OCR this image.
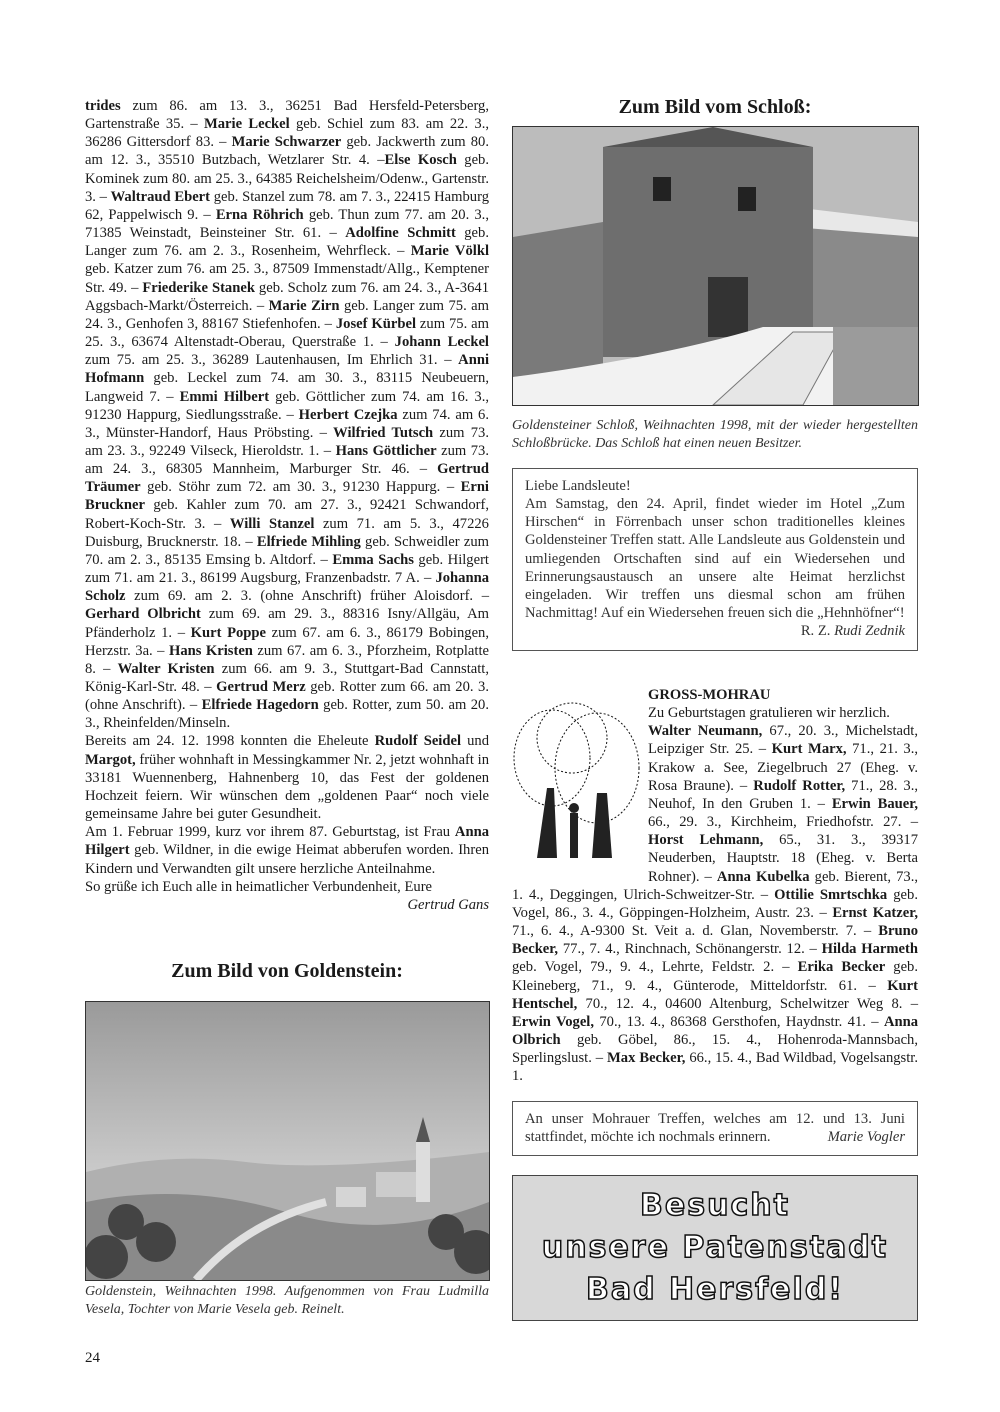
trides zum 86. am 13. 3., 36251 Bad Hersfeld-Petersberg, Gartenstraße 35. – Marie Leckel geb. Schiel zum 83. am 22. 3., 36286 Gittersdorf 83. – Marie Schwarzer geb. Jackwerth zum 80. am 12. 3., 35510 Butzbach, Wetzlarer Str. 4. –Else Kosch geb. Kominek zum 80. am 25. 3., 64385 Reichelsheim/Odenw., Gartenstr. 3. – Waltraud Ebert geb. Stanzel zum 78. am 7. 3., 22415 Hamburg 62, Pappelwisch 9. – Erna Röhrich geb. Thun zum 77. am 20. 3., 71385 Weinstadt, Beinsteiner Str. 61. – Adolfine Schmitt geb. Langer zum 76. am 2. 3., Rosenheim, Wehrfleck. – Marie Völkl geb. Katzer zum 76. am 25. 3., 87509 Immenstadt/Allg., Kemptener Str. 49. – Friederike Stanek geb. Scholz zum 76. am 24. 3., A-3641 Aggsbach-Markt/Österreich. – Marie Zirn geb. Langer zum 75. am 24. 3., Genhofen 3, 88167 Stiefenhofen. – Josef Kürbel zum 75. am 25. 3., 63674 Altenstadt-Oberau, Querstraße 1. – Johann Leckel zum 75. am 25. 3., 36289 Lautenhausen, Im Ehrlich 31. – Anni Hofmann geb. Leckel zum 74. am 30. 3., 83115 Neubeuern, Langweid 7. – Emmi Hilbert geb. Göttlicher zum 74. am 16. 3., 91230 Happurg, Siedlungsstraße. – Herbert Czejka zum 74. am 6. 3., Münster-Handorf, Haus Pröbsting. – Wilfried Tutsch zum 73. am 23. 3., 92249 Vilseck, Hieroldstr. 1. – Hans Göttlicher zum 73. am 24. 3., 68305 Mannheim, Marburger Str. 46. – Gertrud Träumer geb. Stöhr zum 72. am 30. 3., 91230 Happurg. – Erni Bruckner geb. Kahler zum 70. am 27. 3., 92421 Schwandorf, Robert-Koch-Str. 3. – Willi Stanzel zum 71. am 5. 3., 47226 Duisburg, Brucknerstr. 18. – Elfriede Mihling geb. Schweidler zum 70. am 2. 3., 85135 Emsing b. Altdorf. – Emma Sachs geb. Hilgert zum 71. am 21. 3., 86199 Augsburg, Franzenbadstr. 7 A. – Johanna Scholz zum 69. am 2. 3. (ohne Anschrift) früher Aloisdorf. – Gerhard Olbricht zum 69. am 29. 3., 88316 Isny/Allgäu, Am Pfänderholz 1. – Kurt Poppe zum 67. am 6. 3., 86179 Bobingen, Herzstr. 3a. – Hans Kristen zum 67. am 6. 3., Pforzheim, Rotplatte 8. – Walter Kristen zum 66. am 9. 3., Stuttgart-Bad Cannstatt, König-Karl-Str. 48. – Gertrud Merz geb. Rotter zum 66. am 20. 3. (ohne Anschrift). – Elfriede Hagedorn geb. Rotter, zum 50. am 20. 3., Rheinfelden/Minseln.

Bereits am 24. 12. 1998 konnten die Eheleute Rudolf Seidel und Margot, früher wohnhaft in Messingkammer Nr. 2, jetzt wohnhaft in 33181 Wuennenberg, Hahnenberg 10, das Fest der goldenen Hochzeit feiern. Wir wünschen dem „goldenen Paar“ noch viele gemeinsame Jahre bei guter Gesundheit.

Am 1. Februar 1999, kurz vor ihrem 87. Geburtstag, ist Frau Anna Hilgert geb. Wildner, in die ewige Heimat abberufen worden. Ihren Kindern und Verwandten gilt unsere herzliche Anteilnahme.

So grüße ich Euch alle in heimatlicher Verbundenheit, Eure

Gertrud Gans

Zum Bild von Goldenstein:
Goldenstein, Weihnachten 1998. Aufgenommen von Frau Ludmilla Vesela, Tochter von Marie Vesela geb. Reinelt.
24
Zum Bild vom Schloß:
Goldensteiner Schloß, Weihnachten 1998, mit der wieder hergestellten Schloßbrücke. Das Schloß hat einen neuen Besitzer.
Liebe Landsleute!
Am Samstag, den 24. April, findet wieder im Hotel „Zum Hirschen“ in Förrenbach unser schon traditionelles kleines Goldensteiner Treffen statt. Alle Landsleute aus Goldenstein und umliegenden Ortschaften sind auf ein Wiedersehen und Erinnerungsaustausch an unsere alte Heimat herzlichst eingeladen. Wir treffen uns diesmal schon am frühen Nachmittag! Auf ein Wiedersehen freuen sich die „Hehnhöfner“!
R. Z. Rudi Zednik
GROSS-MOHRAU

Zu Geburtstagen gratulieren wir herzlich.

Walter Neumann, 67., 20. 3., Michelstadt, Leipziger Str. 25. – Kurt Marx, 71., 21. 3., Krakow a. See, Ziegelbruch 27 (Eheg. v. Rosa Braune). – Rudolf Rotter, 71., 28. 3., Neuhof, In den Gruben 1. – Erwin Bauer, 66., 29. 3., Kirchheim, Friedhofstr. 27. – Horst Lehmann, 65., 31. 3., 39317 Neuderben, Hauptstr. 18 (Eheg. v. Berta Rohner). – Anna Kubelka geb. Bierent, 73., 1. 4., Deggingen, Ulrich-Schweitzer-Str. – Ottilie Smrtschka geb. Vogel, 86., 3. 4., Göppingen-Holzheim, Austr. 23. – Ernst Katzer, 71., 6. 4., A-9300 St. Veit a. d. Glan, Novemberstr. 7. – Bruno Becker, 77., 7. 4., Rinchnach, Schönangerstr. 12. – Hilda Harmeth geb. Vogel, 79., 9. 4., Lehrte, Feldstr. 2. – Erika Becker geb. Kleineberg, 71., 9. 4., Günterode, Mitteldorfstr. 61. – Kurt Hentschel, 70., 12. 4., 04600 Altenburg, Schelwitzer Weg 8. – Erwin Vogel, 70., 13. 4., 86368 Gersthofen, Haydnstr. 41. – Anna Olbrich geb. Göbel, 86., 15. 4., Hohenroda-Mannsbach, Sperlingslust. – Max Becker, 66., 15. 4., Bad Wildbad, Vogelsangstr. 1.

An unser Mohrauer Treffen, welches am 12. und 13. Juni stattfindet, möchte ich nochmals erinnern.	Marie Vogler
Besucht
unsere Patenstadt
Bad Hersfeld!
